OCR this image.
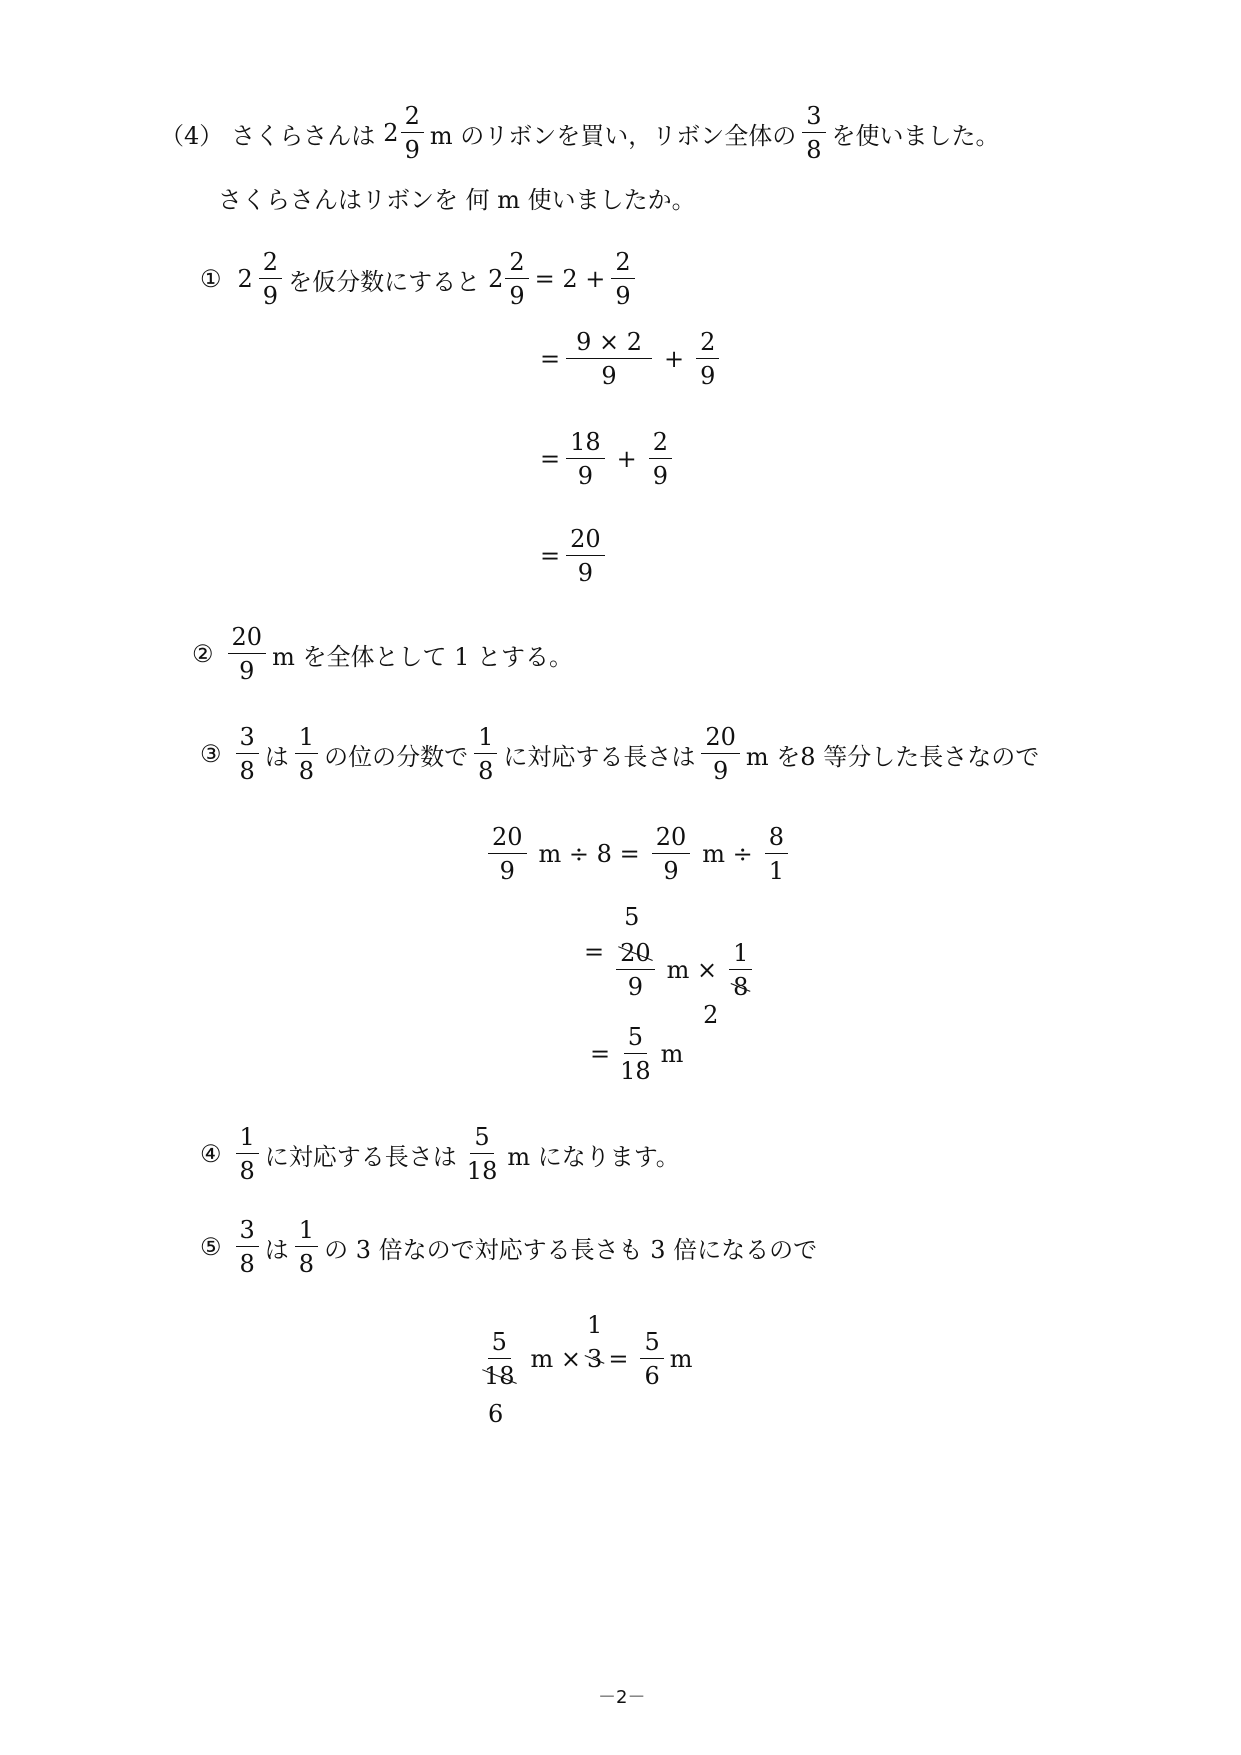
（4） さくらさんは $2 \frac{2}{9}$ m のリボンを買い，リボン全体の $\frac{3}{8}$ を使いました。
さくらさんはリボンを 何 m 使いましたか。
① $2 \frac{2}{9}$ を仮分数にすると $2 \frac{2}{9} = 2 + \frac{2}{9}$
= $\frac{9 \times 2}{9} + \frac{2}{9}$
= $\frac{18}{9} + \frac{2}{9}$
= $\frac{20}{9}$
② $\frac{20}{9}$ m を全体として 1 とする。
③ $\frac{3}{8}$ は $\frac{1}{8}$ の位の分数で $\frac{1}{8}$ に対応する長さは $\frac{20}{9}$ m を8 等分した長さなので
$\frac{20}{9}$ $m \div 8 = \frac{20}{9}$ $m \div \frac{8}{1}$
=
5
$\frac{20}{9}$ $m \times \frac{1}{8}$
2
= $\frac{5}{18}$ m
④ $\frac{1}{8}$ に対応する長さは $\frac{5}{18}$ m になります。
⑤ $\frac{3}{8}$ は $\frac{1}{8}$ の 3 倍なので対応する長さも 3 倍になるので
$\frac{5}{18}$
6
m ×
1
$3 = \frac{5}{6}$ m
－2－
